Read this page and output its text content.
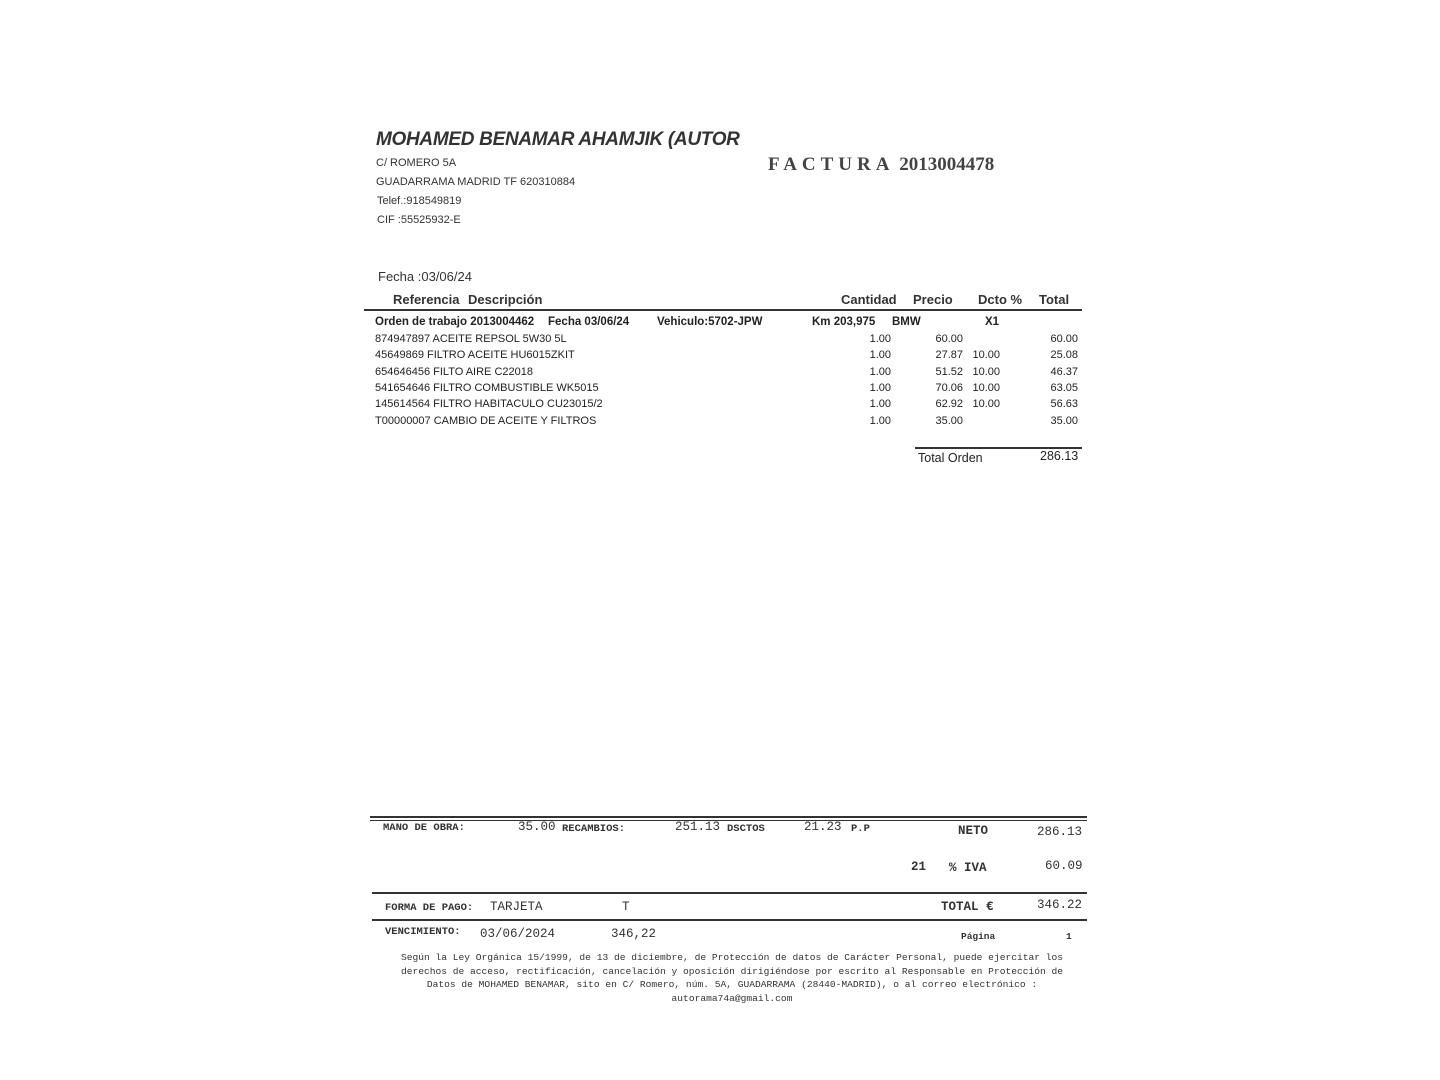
MOHAMED BENAMAR AHAMJIK (AUTOR
C/ ROMERO 5A
GUADARRAMA MADRID TF 620310884
Telef.:918549819
CIF :55525932-E
FACTURA 2013004478
Fecha :03/06/24
Referencia Descripción	Cantidad Precio Dcto % Total
Orden de trabajo 2013004462 Fecha 03/06/24 Vehiculo:5702-JPW	Km 203,975 BMW	X1
874947897 ACEITE REPSOL 5W30 5L	1.00	60.00	60.00
45649869 FILTRO ACEITE HU6015ZKIT	1.00	27.87 10.00	25.08
654646456 FILTO AIRE C22018	1.00	51.52 10.00	46.37
541654646 FILTRO COMBUSTIBLE WK5015	1.00	70.06 10.00	63.05
145614564 FILTRO HABITACULO CU23015/2	1.00	62.92 10.00	56.63
T00000007 CAMBIO DE ACEITE Y FILTROS	1.00	35.00	35.00
Total Orden	286.13
MANO DE OBRA:	35.00 RECAMBIOS:	251.13 DSCTOS	21.23 P.P	NETO	286.13
21 % IVA	60.09
FORMA DE PAGO: TARJETA	T	TOTAL €	346.22
VENCIMIENTO: 03/06/2024	346,22	Página	1
Según la Ley Orgánica 15/1999, de 13 de diciembre, de Protección de datos de Carácter Personal, puede ejercitar los
derechos de acceso, rectificación, cancelación y oposición dirigiéndose por escrito al Responsable en Protección de
Datos de MOHAMED BENAMAR, sito en C/ Romero, núm. 5A, GUADARRAMA (28440-MADRID), o al correo electrónico :
autorama74a@gmail.com
